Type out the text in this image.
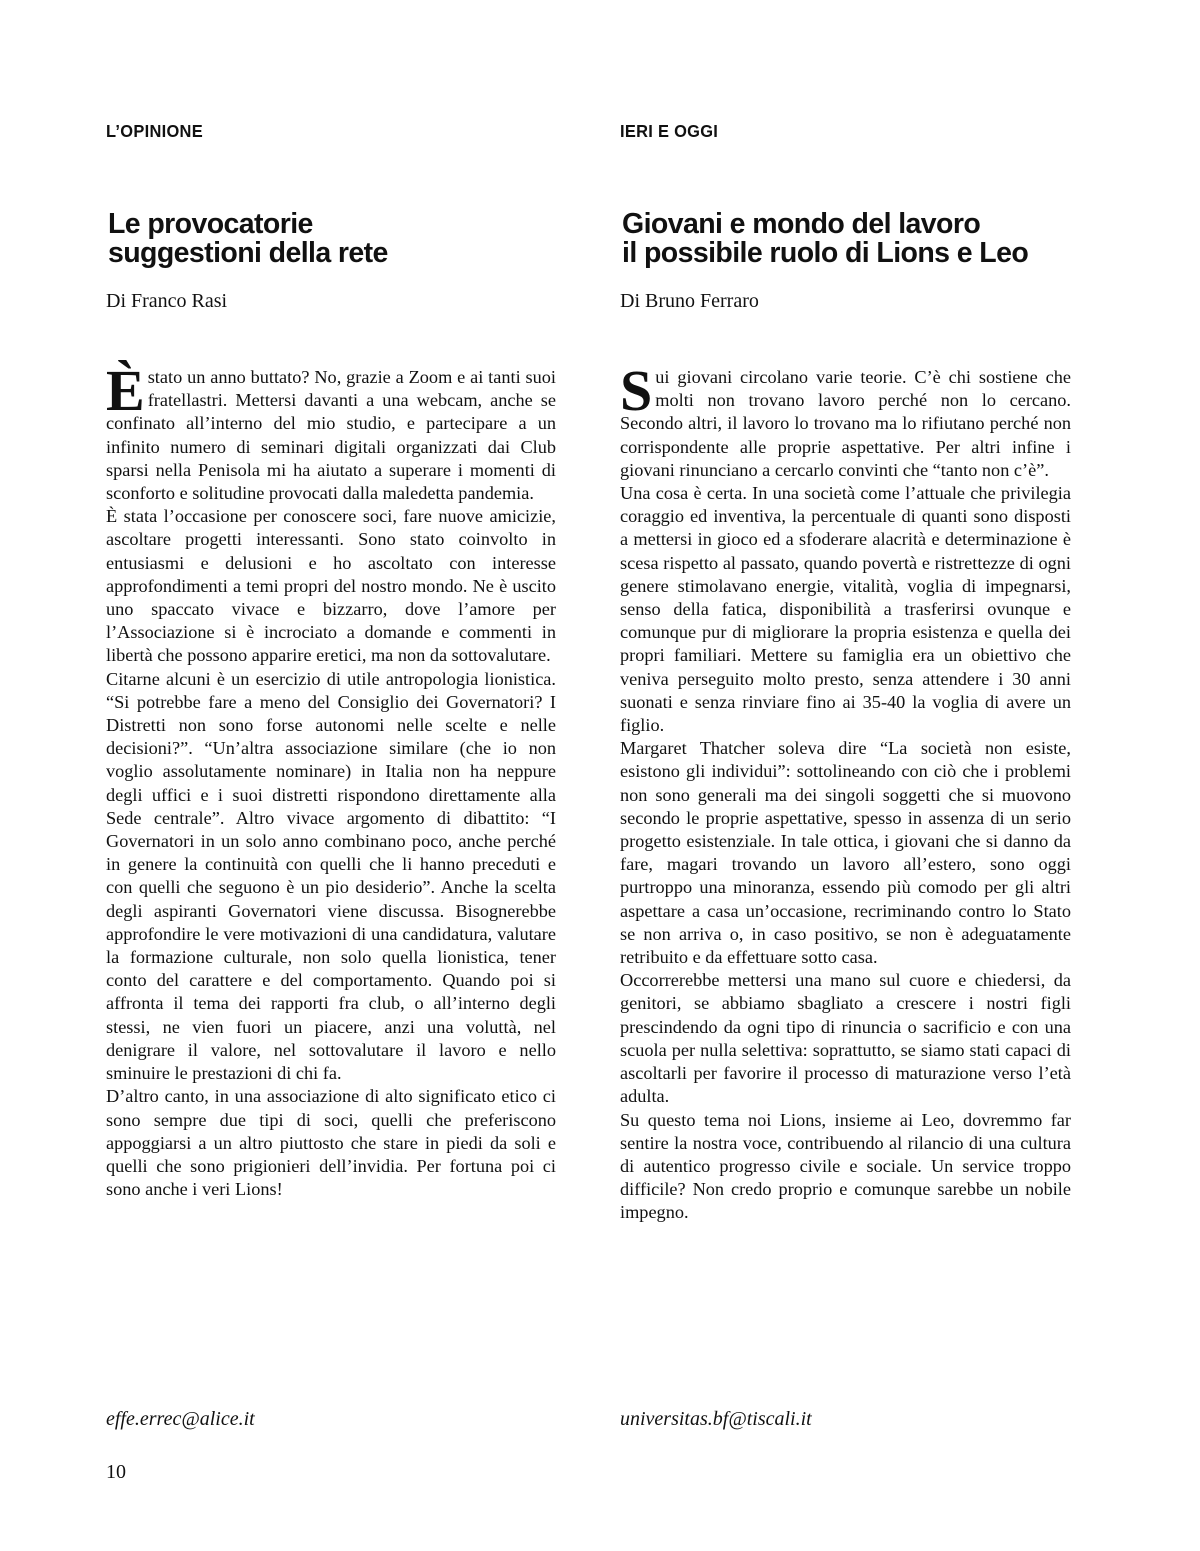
L’OPINIONE
Le provocatorie
suggestioni della rete
Di Franco Rasi

Èstato un anno buttato? No, grazie a Zoom e ai tanti suoi fratellastri. Mettersi davanti a una webcam, anche se confinato all’interno del mio studio, e partecipare a un infinito numero di seminari digitali organizzati dai Club sparsi nella Penisola mi ha aiutato a superare i momenti di sconforto e solitudine provocati dalla maledetta pandemia.

È stata l’occasione per conoscere soci, fare nuove amicizie, ascoltare progetti interessanti. Sono stato coinvolto in entusiasmi e delusioni e ho ascoltato con interesse approfondimenti a temi propri del nostro mondo. Ne è uscito uno spaccato vivace e bizzarro, dove l’amore per l’Associazione si è incrociato a domande e commenti in libertà che possono apparire eretici, ma non da sottovalutare.

Citarne alcuni è un esercizio di utile antropologia lionistica. “Si potrebbe fare a meno del Consiglio dei Governatori? I Distretti non sono forse autonomi nelle scelte e nelle decisioni?”. “Un’altra associazione similare (che io non voglio assolutamente nominare) in Italia non ha neppure degli uffici e i suoi distretti rispondono direttamente alla Sede centrale”. Altro vivace argomento di dibattito: “I Governatori in un solo anno combinano poco, anche perché in genere la continuità con quelli che li hanno preceduti e con quelli che seguono è un pio desiderio”. Anche la scelta degli aspiranti Governatori viene discussa. Bisognerebbe approfondire le vere motivazioni di una candidatura, valutare la formazione culturale, non solo quella lionistica, tener conto del carattere e del comportamento. Quando poi si affronta il tema dei rapporti fra club, o all’interno degli stessi, ne vien fuori un piacere, anzi una voluttà, nel denigrare il valore, nel sottovalutare il lavoro e nello sminuire le prestazioni di chi fa.

D’altro canto, in una associazione di alto significato etico ci sono sempre due tipi di soci, quelli che preferiscono appoggiarsi a un altro piuttosto che stare in piedi da soli e quelli che sono prigionieri dell’invidia. Per fortuna poi ci sono anche i veri Lions!

effe.errec@alice.it
IERI E OGGI
Giovani e mondo del lavoro
il possibile ruolo di Lions e Leo
Di Bruno Ferraro

Sui giovani circolano varie teorie. C’è chi sostiene che molti non trovano lavoro perché non lo cercano. Secondo altri, il lavoro lo trovano ma lo rifiutano perché non corrispondente alle proprie aspettative. Per altri infine i giovani rinunciano a cercarlo convinti che “tanto non c’è”.

Una cosa è certa. In una società come l’attuale che privilegia coraggio ed inventiva, la percentuale di quanti sono disposti a mettersi in gioco ed a sfoderare alacrità e determinazione è scesa rispetto al passato, quando povertà e ristrettezze di ogni genere stimolavano energie, vitalità, voglia di impegnarsi, senso della fatica, disponibilità a trasferirsi ovunque e comunque pur di migliorare la propria esistenza e quella dei propri familiari. Mettere su famiglia era un obiettivo che veniva perseguito molto presto, senza attendere i 30 anni suonati e senza rinviare fino ai 35-40 la voglia di avere un figlio.

Margaret Thatcher soleva dire “La società non esiste, esistono gli individui”: sottolineando con ciò che i problemi non sono generali ma dei singoli soggetti che si muovono secondo le proprie aspettative, spesso in assenza di un serio progetto esistenziale. In tale ottica, i giovani che si danno da fare, magari trovando un lavoro all’estero, sono oggi purtroppo una minoranza, essendo più comodo per gli altri aspettare a casa un’occasione, recriminando contro lo Stato se non arriva o, in caso positivo, se non è adeguatamente retribuito e da effettuare sotto casa.

Occorrerebbe mettersi una mano sul cuore e chiedersi, da genitori, se abbiamo sbagliato a crescere i nostri figli prescindendo da ogni tipo di rinuncia o sacrificio e con una scuola per nulla selettiva: soprattutto, se siamo stati capaci di ascoltarli per favorire il processo di maturazione verso l’età adulta.

Su questo tema noi Lions, insieme ai Leo, dovremmo far sentire la nostra voce, contribuendo al rilancio di una cultura di autentico progresso civile e sociale. Un service troppo difficile? Non credo proprio e comunque sarebbe un nobile impegno.

universitas.bf@tiscali.it
10
